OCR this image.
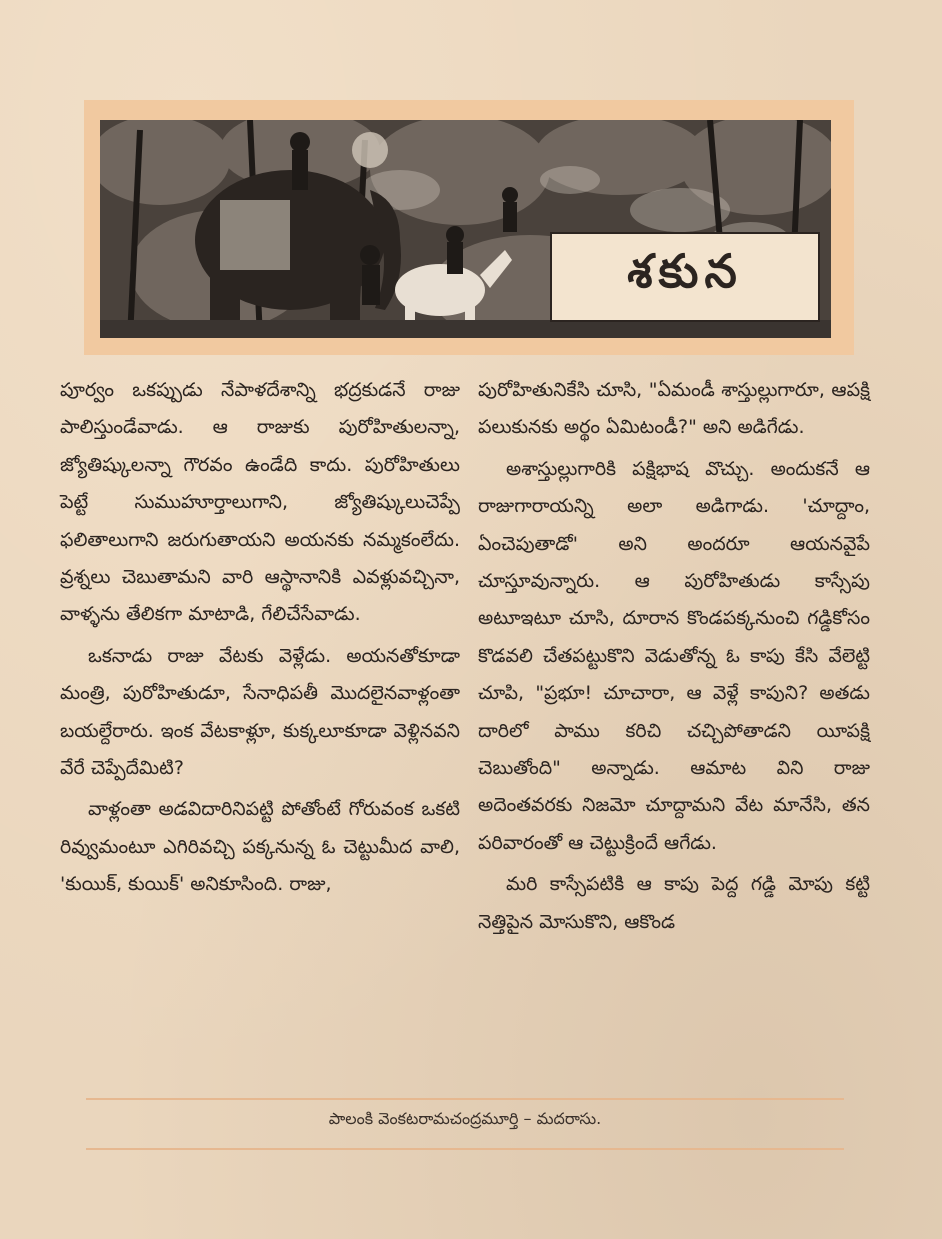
శకున

పూర్వం ఒకప్పుడు నేపాళదేశాన్ని భద్రకుడనే రాజు పాలిస్తుండేవాడు. ఆ రాజుకు పురోహితులన్నా, జ్యోతిష్కులన్నా గౌరవం ఉండేది కాదు. పురోహితులు పెట్టే సుముహూర్తాలుగాని, జ్యోతిష్కులుచెప్పే ఫలితాలుగాని జరుగుతాయని అయనకు నమ్మకంలేదు. వ్రశ్నలు చెబుతామని వారి ఆస్థానానికి ఎవళ్లువచ్చినా, వాళ్ళను తేలికగా మాటాడి, గేలిచేసేవాడు.

ఒకనాడు రాజు వేటకు వెళ్లేడు. అయనతోకూడా మంత్రి, పురోహితుడూ, సేనాధిపతీ మొదలైనవాళ్లంతా బయల్దేరారు. ఇంక వేటకాళ్లూ, కుక్కలూకూడా వెళ్లినవని వేరే చెప్పేదేమిటి?

వాళ్లంతా అడవిదారినిపట్టి పోతోంటే గోరువంక ఒకటి రివ్వుమంటూ ఎగిరివచ్చి పక్కనున్న ఓ చెట్టుమీద వాలి, 'కుయిక్, కుయిక్' అనికూసింది. రాజు,

పురోహితునికేసి చూసి, "ఏమండీ శాస్తుల్లుగారూ, ఆపక్షి పలుకునకు అర్థం ఏమిటండీ?" అని అడిగేడు.

అశాస్తుల్లుగారికి పక్షిభాష వొచ్చు. అందుకనే ఆ రాజుగారాయన్ని అలా అడిగాడు. 'చూద్దాం, ఏంచెపుతాడో' అని అందరూ ఆయనవైపే చూస్తూవున్నారు. ఆ పురోహితుడు కాస్సేపు అటూఇటూ చూసి, దూరాన కొండపక్కనుంచి గడ్డికోసం కొడవలి చేతపట్టుకొని వెడుతోన్న ఓ కాపు కేసి వేలెట్టి చూపి, "ప్రభూ! చూచారా, ఆ వెళ్లే కాపుని? అతడు దారిలో పాము కరిచి చచ్చిపోతాడని యీపక్షి చెబుతోంది" అన్నాడు. ఆమాట విని రాజు అదెంతవరకు నిజమో చూద్దామని వేట మానేసి, తన పరివారంతో ఆ చెట్టుక్రిందే ఆగేడు.

మరి కాస్సేపటికి ఆ కాపు పెద్ద గడ్డి మోపు కట్టి నెత్తిపైన మోసుకొని, ఆకొండ

పాలంకి వెంకటరామచంద్రమూర్తి – మదరాసు.
